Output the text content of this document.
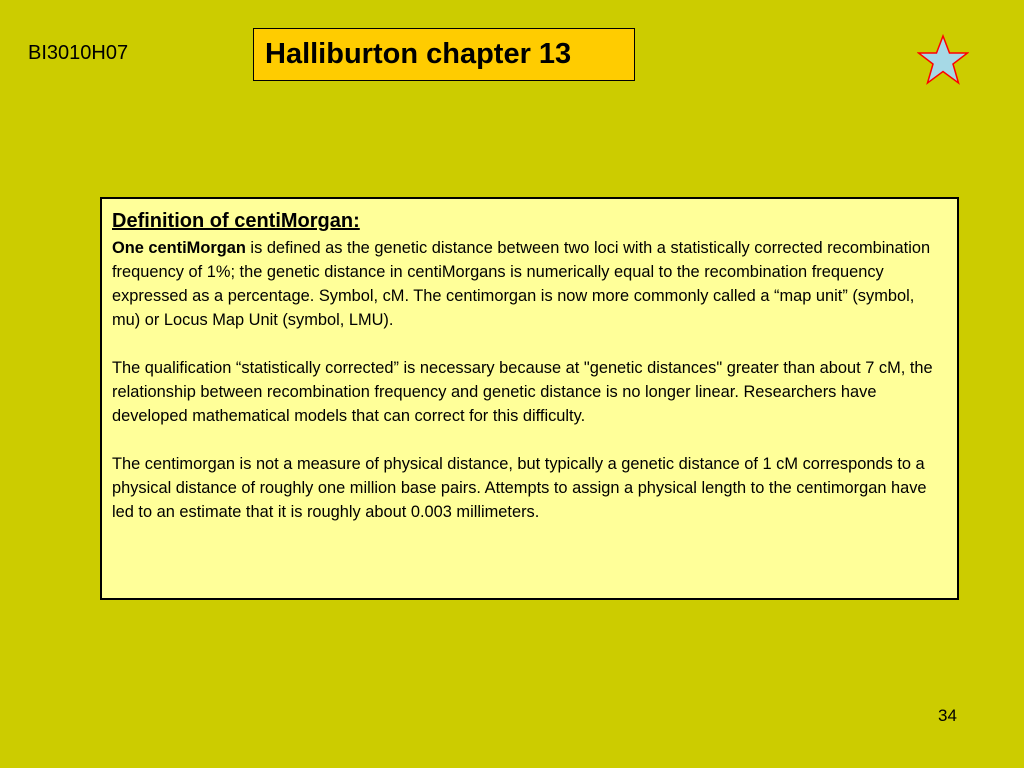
BI3010H07	Halliburton chapter 13
Definition of centiMorgan:

One centiMorgan is defined as the genetic distance between two loci with a statistically corrected recombination frequency of 1%; the genetic distance in centiMorgans is numerically equal to the recombination frequency expressed as a percentage. Symbol, cM. The centimorgan is now more commonly called a “map unit” (symbol, mu) or Locus Map Unit (symbol, LMU).

The qualification “statistically corrected” is necessary because at "genetic distances" greater than about 7 cM, the relationship between recombination frequency and genetic distance is no longer linear. Researchers have developed mathematical models that can correct for this difficulty.

The centimorgan is not a measure of physical distance, but typically a genetic distance of 1 cM corresponds to a physical distance of roughly one million base pairs. Attempts to assign a physical length to the centimorgan have led to an estimate that it is roughly about 0.003 millimeters.

34
